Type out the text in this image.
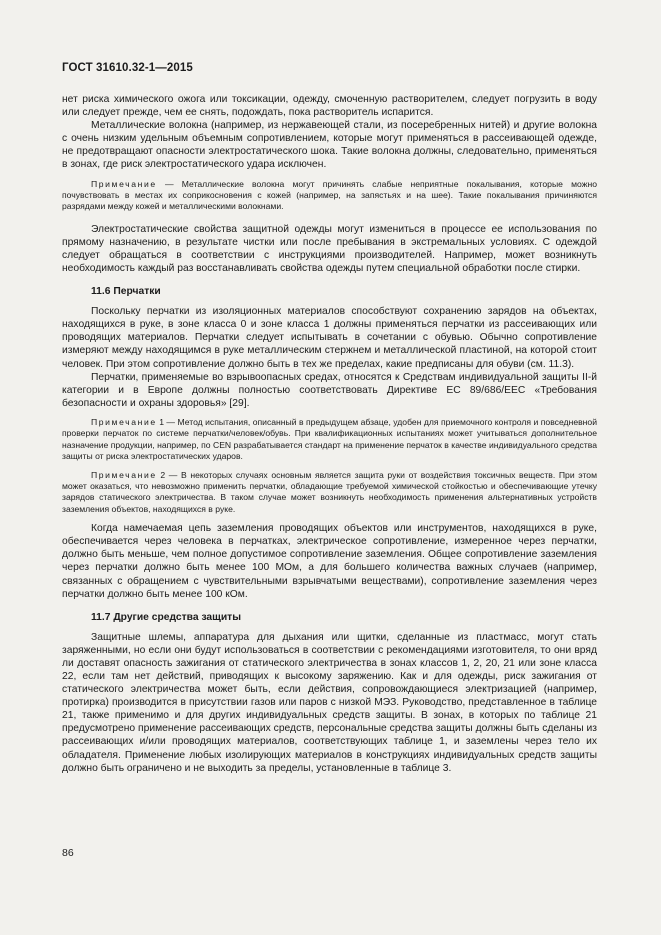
ГОСТ 31610.32-1—2015

нет риска химического ожога или токсикации, одежду, смоченную растворителем, следует погрузить в воду или следует прежде, чем ее снять, подождать, пока растворитель испарится.

Металлические волокна (например, из нержавеющей стали, из посеребренных нитей) и другие волокна с очень низким удельным объемным сопротивлением, которые могут применяться в рассеивающей одежде, не предотвращают опасности электростатического шока. Такие волокна должны, следовательно, применяться в зонах, где риск электростатического удара исключен.

Примечание — Металлические волокна могут причинять слабые неприятные покалывания, которые можно почувствовать в местах их соприкосновения с кожей (например, на запястьях и на шее). Такие покалывания причиняются разрядами между кожей и металлическими волокнами.

Электростатические свойства защитной одежды могут измениться в процессе ее использования по прямому назначению, в результате чистки или после пребывания в экстремальных условиях. С одеждой следует обращаться в соответствии с инструкциями производителей. Например, может возникнуть необходимость каждый раз восстанавливать свойства одежды путем специальной обработки после стирки.

11.6 Перчатки

Поскольку перчатки из изоляционных материалов способствуют сохранению зарядов на объектах, находящихся в руке, в зоне класса 0 и зоне класса 1 должны применяться перчатки из рассеивающих или проводящих материалов. Перчатки следует испытывать в сочетании с обувью. Обычно сопротивление измеряют между находящимся в руке металлическим стержнем и металлической пластиной, на которой стоит человек. При этом сопротивление должно быть в тех же пределах, какие предписаны для обуви (см. 11.3).

Перчатки, применяемые во взрывоопасных средах, относятся к Средствам индивидуальной защиты II-й категории и в Европе должны полностью соответствовать Директиве ЕС 89/686/EEC «Требования безопасности и охраны здоровья» [29].

Примечание 1 — Метод испытания, описанный в предыдущем абзаце, удобен для приемочного контроля и повседневной проверки перчаток по системе перчатки/человек/обувь. При квалификационных испытаниях может учитываться дополнительное назначение продукции, например, по CEN разрабатывается стандарт на применение перчаток в качестве индивидуального средства защиты от риска электростатических ударов.

Примечание 2 — В некоторых случаях основным является защита руки от воздействия токсичных веществ. При этом может оказаться, что невозможно применить перчатки, обладающие требуемой химической стойкостью и обеспечивающие утечку зарядов статического электричества. В таком случае может возникнуть необходимость применения альтернативных устройств заземления объектов, находящихся в руке.

Когда намечаемая цепь заземления проводящих объектов или инструментов, находящихся в руке, обеспечивается через человека в перчатках, электрическое сопротивление, измеренное через перчатки, должно быть меньше, чем полное допустимое сопротивление заземления. Общее сопротивление заземления через перчатки должно быть менее 100 МОм, а для большего количества важных случаев (например, связанных с обращением с чувствительными взрывчатыми веществами), сопротивление заземления через перчатки должно быть менее 100 кОм.

11.7 Другие средства защиты

Защитные шлемы, аппаратура для дыхания или щитки, сделанные из пластмасс, могут стать заряженными, но если они будут использоваться в соответствии с рекомендациями изготовителя, то они вряд ли доставят опасность зажигания от статического электричества в зонах классов 1, 2, 20, 21 или зоне класса 22, если там нет действий, приводящих к высокому заряжению. Как и для одежды, риск зажигания от статического электричества может быть, если действия, сопровождающиеся электризацией (например, протирка) производится в присутствии газов или паров с низкой МЭЗ. Руководство, представленное в таблице 21, также применимо и для других индивидуальных средств защиты. В зонах, в которых по таблице 21 предусмотрено применение рассеивающих средств, персональные средства защиты должны быть сделаны из рассеивающих и/или проводящих материалов, соответствующих таблице 1, и заземлены через тело их обладателя. Применение любых изолирующих материалов в конструкциях индивидуальных средств защиты должно быть ограничено и не выходить за пределы, установленные в таблице 3.

86
